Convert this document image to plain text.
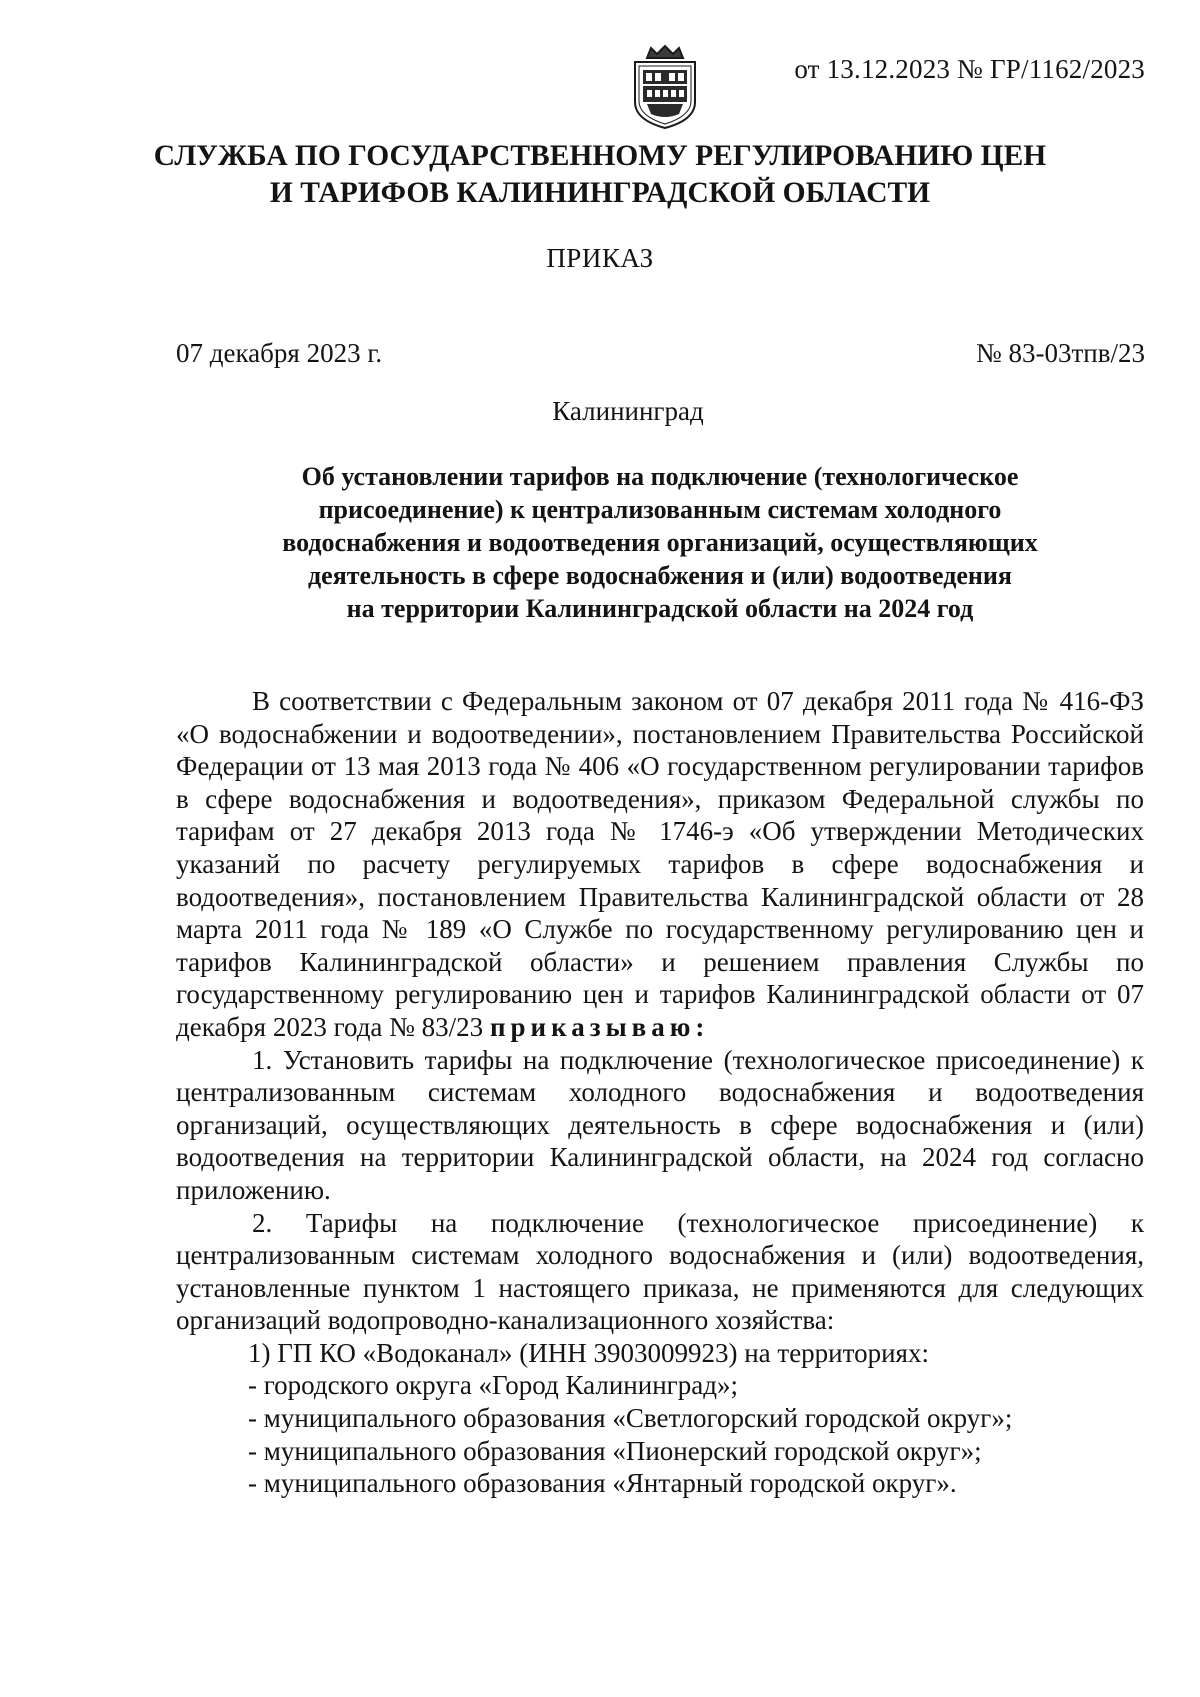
от 13.12.2023 № ГР/1162/2023
СЛУЖБА ПО ГОСУДАРСТВЕННОМУ РЕГУЛИРОВАНИЮ ЦЕН
И ТАРИФОВ КАЛИНИНГРАДСКОЙ ОБЛАСТИ
ПРИКАЗ
07 декабря 2023 г.	№ 83-03тпв/23
Калининград
Об установлении тарифов на подключение (технологическое
присоединение) к централизованным системам холодного
водоснабжения и водоотведения организаций, осуществляющих
деятельность в сфере водоснабжения и (или) водоотведения
на территории Калининградской области на 2024 год

В соответствии с Федеральным законом от 07 декабря 2011 года № 416-ФЗ «О водоснабжении и водоотведении», постановлением Правительства Российской Федерации от 13 мая 2013 года № 406 «О государственном регулировании тарифов в сфере водоснабжения и водоотведения», приказом Федеральной службы по тарифам от 27 декабря 2013 года № 1746-э «Об утверждении Методических указаний по расчету регулируемых тарифов в сфере водоснабжения и водоотведения», постановлением Правительства Калининградской области от 28 марта 2011 года № 189 «О Службе по государственному регулированию цен и тарифов Калининградской области» и решением правления Службы по государственному регулированию цен и тарифов Калининградской области от 07 декабря 2023 года № 83/23 приказываю:

1. Установить тарифы на подключение (технологическое присоединение) к централизованным системам холодного водоснабжения и водоотведения организаций, осуществляющих деятельность в сфере водоснабжения и (или) водоотведения на территории Калининградской области, на 2024 год согласно приложению.

2. Тарифы на подключение (технологическое присоединение) к централизованным системам холодного водоснабжения и (или) водоотведения, установленные пунктом 1 настоящего приказа, не применяются для следующих организаций водопроводно-канализационного хозяйства:

1) ГП КО «Водоканал» (ИНН 3903009923) на территориях:

- городского округа «Город Калининград»;

- муниципального образования «Светлогорский городской округ»;

- муниципального образования «Пионерский городской округ»;

- муниципального образования «Янтарный городской округ».
